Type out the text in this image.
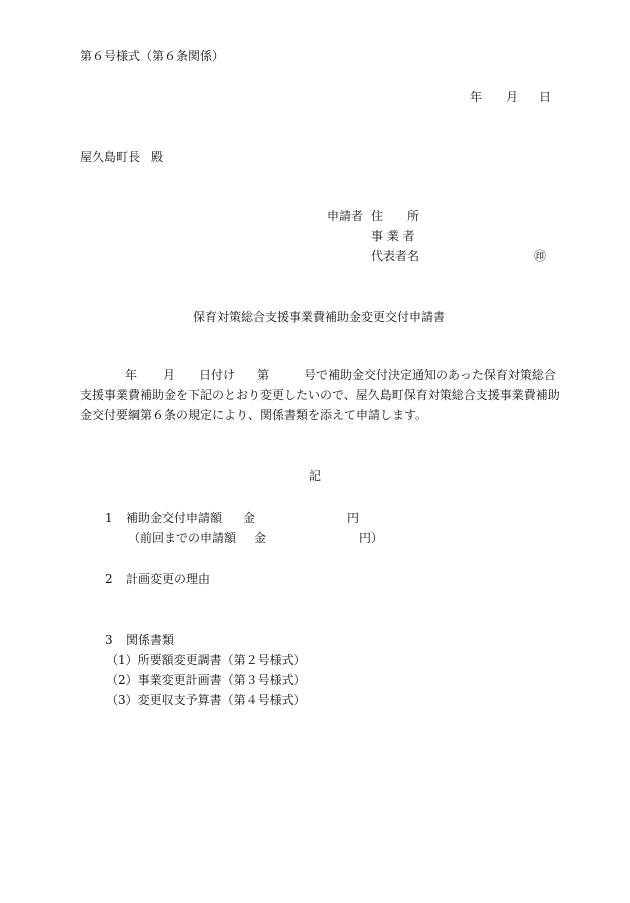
第６号様式（第６条関係）
年 月 日
屋久島町長 殿
申請者 住　　所
事 業 者
代表者名	㊞
保育対策総合支援事業費補助金変更交付申請書
年 月 日付け 第	号で補助金交付決定通知のあった保育対策総合
支援事業費補助金を下記のとおり変更したいので、屋久島町保育対策総合支援事業費補助
金交付要綱第６条の規定により、関係書類を添えて申請します。
記
1 補助金交付申請額 金	円
（前回までの申請額 金	円）
2 計画変更の理由
3 関係書類
（1）所要額変更調書（第２号様式）
（2）事業変更計画書（第３号様式）
（3）変更収支予算書（第４号様式）
